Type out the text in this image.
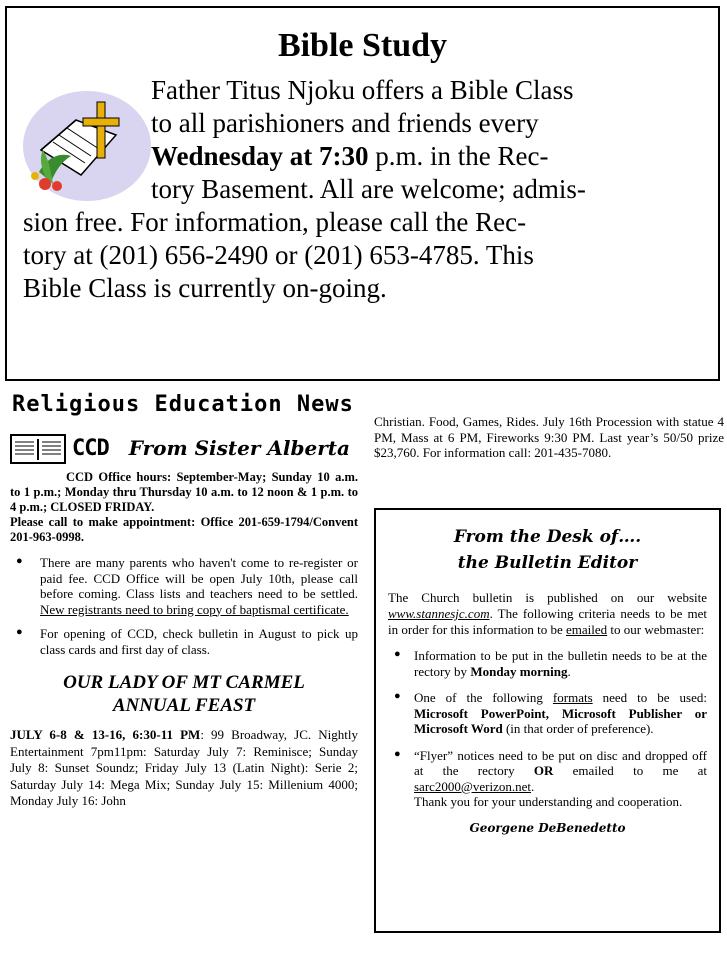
Bible Study
Father Titus Njoku offers a Bible Class
to all parishioners and friends every
Wednesday at 7:30 p.m. in the Rec-
tory Basement. All are welcome; admis-
sion free. For information, please call the Rec-
tory at (201) 656-2490 or (201) 653-4785. This
Bible Class is currently on-going.
Religious Education News
CCD From Sister Alberta
CCD Office hours: September-May; Sunday 10 a.m. to 1 p.m.; Monday thru Thursday 10 a.m. to 12 noon & 1 p.m. to 4 p.m.; CLOSED FRIDAY.
Please call to make appointment: Office 201-659-1794/Convent 201-963-0998.
● There are many parents who haven't come to re-register or paid fee. CCD Office will be open July 10th, please call before coming. Class lists and teachers need to be settled. New registrants need to bring copy of baptismal certificate.
● For opening of CCD, check bulletin in August to pick up class cards and first day of class.
OUR LADY OF MT CARMEL
ANNUAL FEAST
JULY 6-8 & 13-16, 6:30-11 PM: 99 Broadway, JC. Nightly Entertainment 7pm11pm: Saturday July 7: Reminisce; Sunday July 8: Sunset Soundz; Friday July 13 (Latin Night): Serie 2; Saturday July 14: Mega Mix; Sunday July 15: Millenium 4000; Monday July 16: John
Christian. Food, Games, Rides. July 16th Procession with statue 4 PM, Mass at 6 PM, Fireworks 9:30 PM. Last year’s 50/50 prize $23,760. For information call: 201-435-7080.
From the Desk of….
the Bulletin Editor
The Church bulletin is published on our website www.stannesjc.com. The following criteria needs to be met in order for this information to be emailed to our webmaster:
● Information to be put in the bulletin needs to be at the rectory by Monday morning.
● One of the following formats need to be used: Microsoft PowerPoint, Microsoft Publisher or Microsoft Word (in that order of preference).
● “Flyer” notices need to be put on disc and dropped off at the rectory OR emailed to me at sarc2000@verizon.net.
Thank you for your understanding and cooperation.
Georgene DeBenedetto
